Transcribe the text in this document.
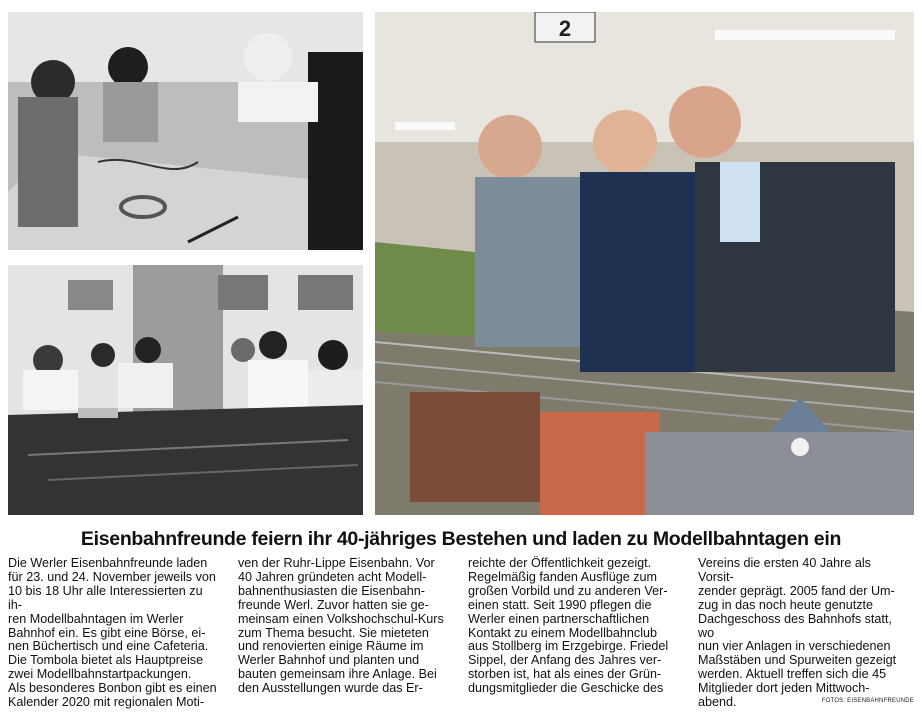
2
Eisenbahnfreunde feiern ihr 40-jähriges Bestehen und laden zu Modellbahntagen ein

Die Werler Eisenbahnfreunde laden

für 23. und 24. November jeweils von

10 bis 18 Uhr alle Interessierten zu ih-

ren Modellbahntagen im Werler

Bahnhof ein. Es gibt eine Börse, ei-

nen Büchertisch und eine Cafeteria.

Die Tombola bietet als Hauptpreise

zwei Modellbahnstartpackungen.

Als besonderes Bonbon gibt es einen

Kalender 2020 mit regionalen Moti-

ven der Ruhr-Lippe Eisenbahn. Vor

40 Jahren gründeten acht Modell-

bahnenthusiasten die Eisenbahn-

freunde Werl. Zuvor hatten sie ge-

meinsam einen Volkshochschul-Kurs

zum Thema besucht. Sie mieteten

und renovierten einige Räume im

Werler Bahnhof und planten und

bauten gemeinsam ihre Anlage. Bei

den Ausstellungen wurde das Er-

reichte der Öffentlichkeit gezeigt.

Regelmäßig fanden Ausflüge zum

großen Vorbild und zu anderen Ver-

einen statt. Seit 1990 pflegen die

Werler einen partnerschaftlichen

Kontakt zu einem Modellbahnclub

aus Stollberg im Erzgebirge. Friedel

Sippel, der Anfang des Jahres ver-

storben ist, hat als eines der Grün-

dungsmitglieder die Geschicke des

Vereins die ersten 40 Jahre als Vorsit-

zender geprägt. 2005 fand der Um-

zug in das noch heute genutzte

Dachgeschoss des Bahnhofs statt, wo

nun vier Anlagen in verschiedenen

Maßstäben und Spurweiten gezeigt

werden. Aktuell treffen sich die 45

Mitglieder dort jeden Mittwoch-

abend.	FOTOS: EISENBAHNFREUNDE
